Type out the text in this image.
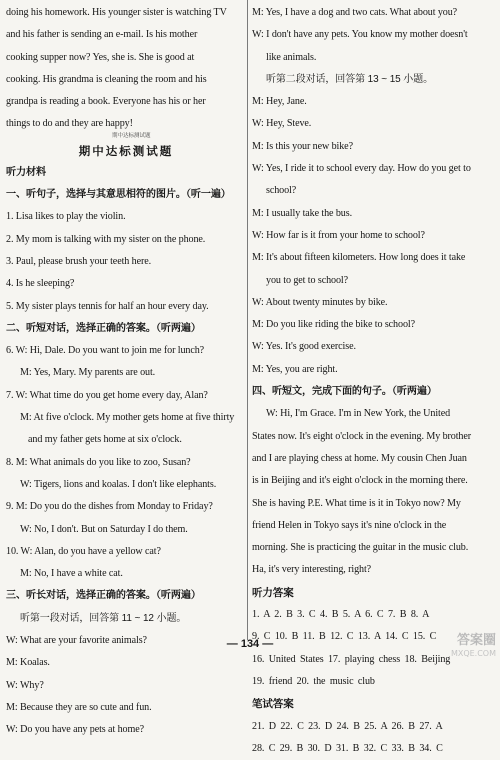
doing his homework. His younger sister is watching TV
and his father is sending an e-mail. Is his mother
cooking supper now? Yes, she is. She is good at
cooking. His grandma is cleaning the room and his
grandpa is reading a book. Everyone has his or her
things to do and they are happy!
期中达标测试题
期中达标测试题
听力材料
一、听句子，选择与其意思相符的图片。（听一遍）
1. Lisa likes to play the violin.
2. My mom is talking with my sister on the phone.
3. Paul, please brush your teeth here.
4. Is he sleeping?
5. My sister plays tennis for half an hour every day.
二、听短对话，选择正确的答案。（听两遍）
6. W: Hi, Dale. Do you want to join me for lunch?
M: Yes, Mary. My parents are out.
7. W: What time do you get home every day, Alan?
M: At five o'clock. My mother gets home at five thirty
and my father gets home at six o'clock.
8. M: What animals do you like to zoo, Susan?
W: Tigers, lions and koalas. I don't like elephants.
9. M: Do you do the dishes from Monday to Friday?
W: No, I don't. But on Saturday I do them.
10. W: Alan, do you have a yellow cat?
M: No, I have a white cat.
三、听长对话，选择正确的答案。（听两遍）
听第一段对话，回答第 11 ~ 12 小题。
W: What are your favorite animals?
M: Koalas.
W: Why?
M: Because they are so cute and fun.
W: Do you have any pets at home?
M: Yes, I have a dog and two cats. What about you?
W: I don't have any pets. You know my mother doesn't
like animals.
听第二段对话，回答第 13 ~ 15 小题。
M: Hey, Jane.
W: Hey, Steve.
M: Is this your new bike?
W: Yes, I ride it to school every day. How do you get to
school?
M: I usually take the bus.
W: How far is it from your home to school?
M: It's about fifteen kilometers. How long does it take
you to get to school?
W: About twenty minutes by bike.
M: Do you like riding the bike to school?
W: Yes. It's good exercise.
M: Yes, you are right.
四、听短文，完成下面的句子。（听两遍）
W: Hi, I'm Grace. I'm in New York, the United
States now. It's eight o'clock in the evening. My brother
and I are playing chess at home. My cousin Chen Juan
is in Beijing and it's eight o'clock in the morning there.
She is having P.E. What time is it in Tokyo now? My
friend Helen in Tokyo says it's nine o'clock in the
morning. She is practicing the guitar in the music club.
Ha, it's very interesting, right?
听力答案
1. A 2. B 3. C 4. B 5. A 6. C 7. B 8. A
9. C 10. B 11. B 12. C 13. A 14. C 15. C
16. United States 17. playing chess 18. Beijing
19. friend 20. the music club
笔试答案
21. D 22. C 23. D 24. B 25. A 26. B 27. A
28. C 29. B 30. D 31. B 32. C 33. B 34. C
— 134 —	答案圈
MXQE.COM
